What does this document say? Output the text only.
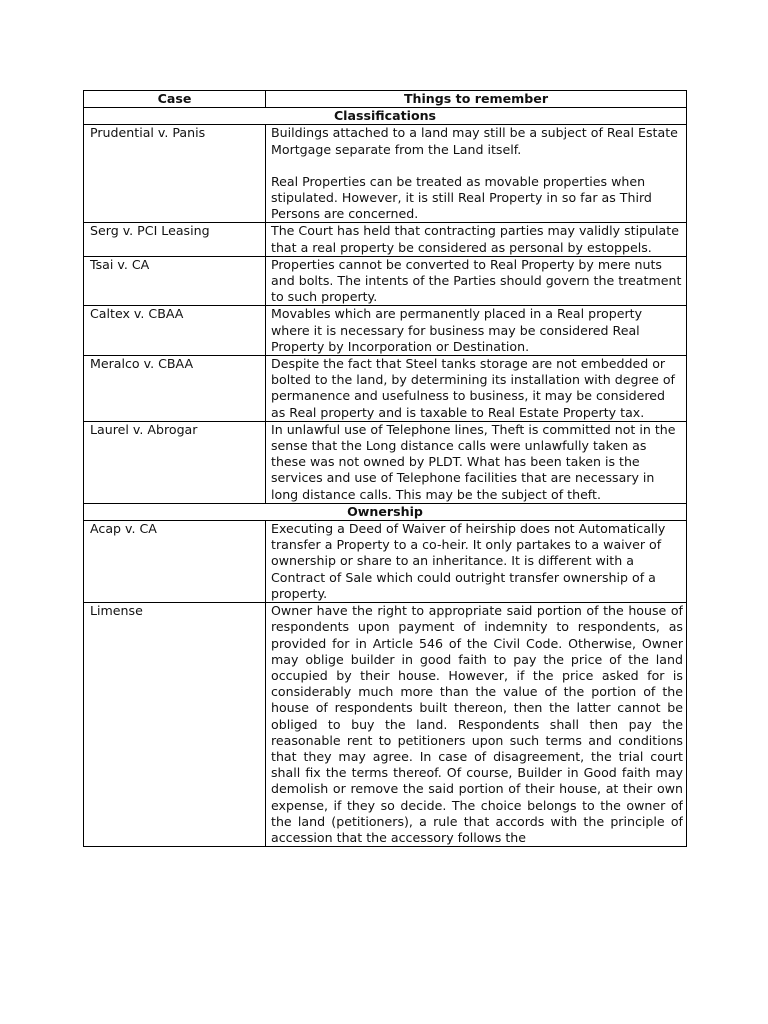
Case	Things to remember
Classifications	
Prudential v. Panis	Buildings attached to a land may still be a subject of Real Estate Mortgage separate from the Land itself.

Real Properties can be treated as movable properties when stipulated. However, it is still Real Property in so far as Third Persons are concerned.

Serg v. PCI Leasing	The Court has held that contracting parties may validly stipulate that a real property be considered as personal by estoppels.

Tsai v. CA	Properties cannot be converted to Real Property by mere nuts and bolts. The intents of the Parties should govern the treatment to such property.

Caltex v. CBAA	Movables which are permanently placed in a Real property where it is necessary for business may be considered Real Property by Incorporation or Destination.

Meralco v. CBAA	Despite the fact that Steel tanks storage are not embedded or bolted to the land, by determining its installation with degree of permanence and usefulness to business, it may be considered as Real property and is taxable to Real Estate Property tax.

Laurel v. Abrogar	In unlawful use of Telephone lines, Theft is committed not in the sense that the Long distance calls were unlawfully taken as these was not owned by PLDT. What has been taken is the services and use of Telephone facilities that are necessary in long distance calls. This may be the subject of theft.

Ownership	
Acap v. CA	Executing a Deed of Waiver of heirship does not Automatically transfer a Property to a co-heir. It only partakes to a waiver of ownership or share to an inheritance. It is different with a Contract of Sale which could outright transfer ownership of a property.

Limense	Owner have the right to appropriate said portion of the house of respondents upon payment of indemnity to respondents, as provided for in Article 546 of the Civil Code. Otherwise, Owner may oblige builder in good faith to pay the price of the land occupied by their house. However, if the price asked for is considerably much more than the value of the portion of the house of respondents built thereon, then the latter cannot be obliged to buy the land. Respondents shall then pay the reasonable rent to petitioners upon such terms and conditions that they may agree. In case of disagreement, the trial court shall fix the terms thereof. Of course, Builder in Good faith may demolish or remove the said portion of their house, at their own expense, if they so decide. The choice belongs to the owner of the land (petitioners), a rule that accords with the principle of accession that the accessory follows the
